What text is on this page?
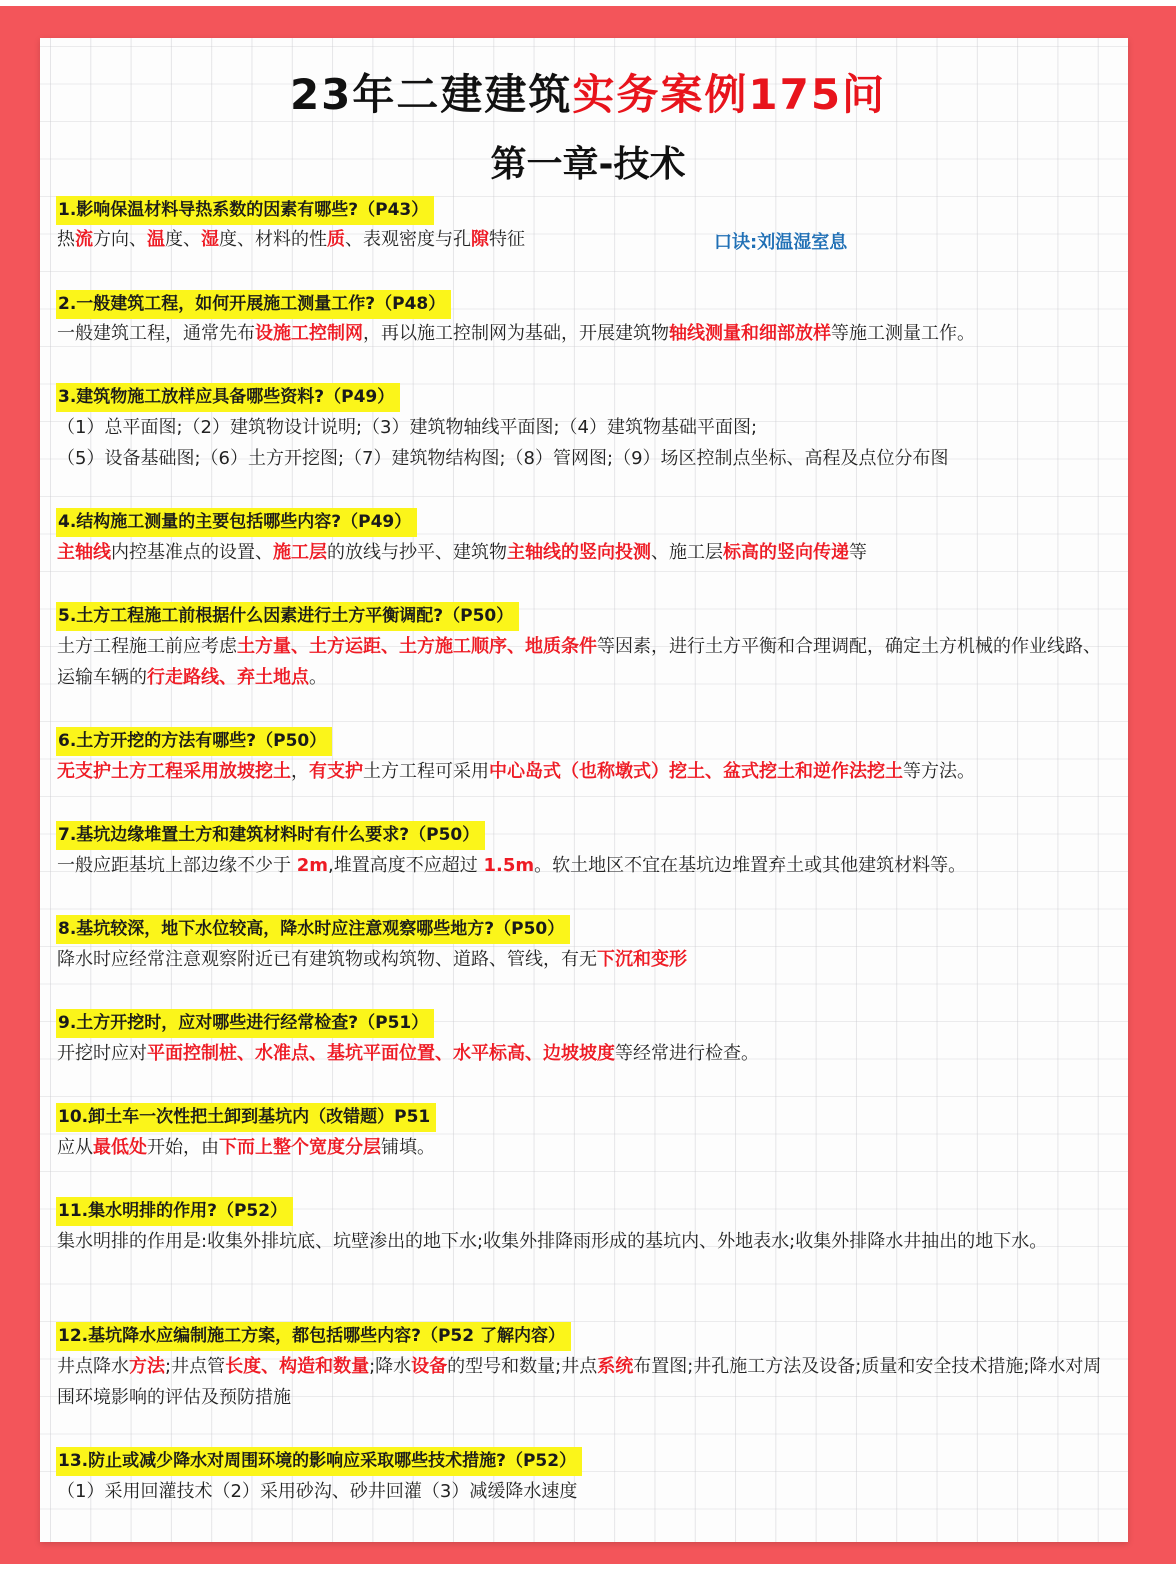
23年二建建筑实务案例175问
第一章-技术
1.影响保温材料导热系数的因素有哪些?（P43）
热流方向、温度、湿度、材料的性质、表观密度与孔隙特征	口诀:刘温湿室息
2.一般建筑工程，如何开展施工测量工作?（P48）
一般建筑工程，通常先布设施工控制网，再以施工控制网为基础，开展建筑物轴线测量和细部放样等施工测量工作。
3.建筑物施工放样应具备哪些资料?（P49）
（1）总平面图;（2）建筑物设计说明;（3）建筑物轴线平面图;（4）建筑物基础平面图;
（5）设备基础图;（6）土方开挖图;（7）建筑物结构图;（8）管网图;（9）场区控制点坐标、高程及点位分布图
4.结构施工测量的主要包括哪些内容?（P49）
主轴线内控基准点的设置、施工层的放线与抄平、建筑物主轴线的竖向投测、施工层标高的竖向传递等
5.土方工程施工前根据什么因素进行土方平衡调配?（P50）
土方工程施工前应考虑土方量、土方运距、土方施工顺序、地质条件等因素，进行土方平衡和合理调配，确定土方机械的作业线路、运输车辆的行走路线、弃土地点。
6.土方开挖的方法有哪些?（P50）
无支护土方工程采用放坡挖土，有支护土方工程可采用中心岛式（也称墩式）挖土、盆式挖土和逆作法挖土等方法。
7.基坑边缘堆置土方和建筑材料时有什么要求?（P50）
一般应距基坑上部边缘不少于 2m,堆置高度不应超过 1.5m。软土地区不宜在基坑边堆置弃土或其他建筑材料等。
8.基坑较深，地下水位较高，降水时应注意观察哪些地方?（P50）
降水时应经常注意观察附近已有建筑物或构筑物、道路、管线，有无下沉和变形
9.土方开挖时，应对哪些进行经常检查?（P51）
开挖时应对平面控制桩、水准点、基坑平面位置、水平标高、边坡坡度等经常进行检查。
10.卸土车一次性把土卸到基坑内（改错题）P51
应从最低处开始，由下而上整个宽度分层铺填。
11.集水明排的作用?（P52）
集水明排的作用是:收集外排坑底、坑壁渗出的地下水;收集外排降雨形成的基坑内、外地表水;收集外排降水井抽出的地下水。
12.基坑降水应编制施工方案，都包括哪些内容?（P52 了解内容）
井点降水方法;井点管长度、构造和数量;降水设备的型号和数量;井点系统布置图;井孔施工方法及设备;质量和安全技术措施;降水对周围环境影响的评估及预防措施
13.防止或减少降水对周围环境的影响应采取哪些技术措施?（P52）
（1）采用回灌技术（2）采用砂沟、砂井回灌（3）减缓降水速度
